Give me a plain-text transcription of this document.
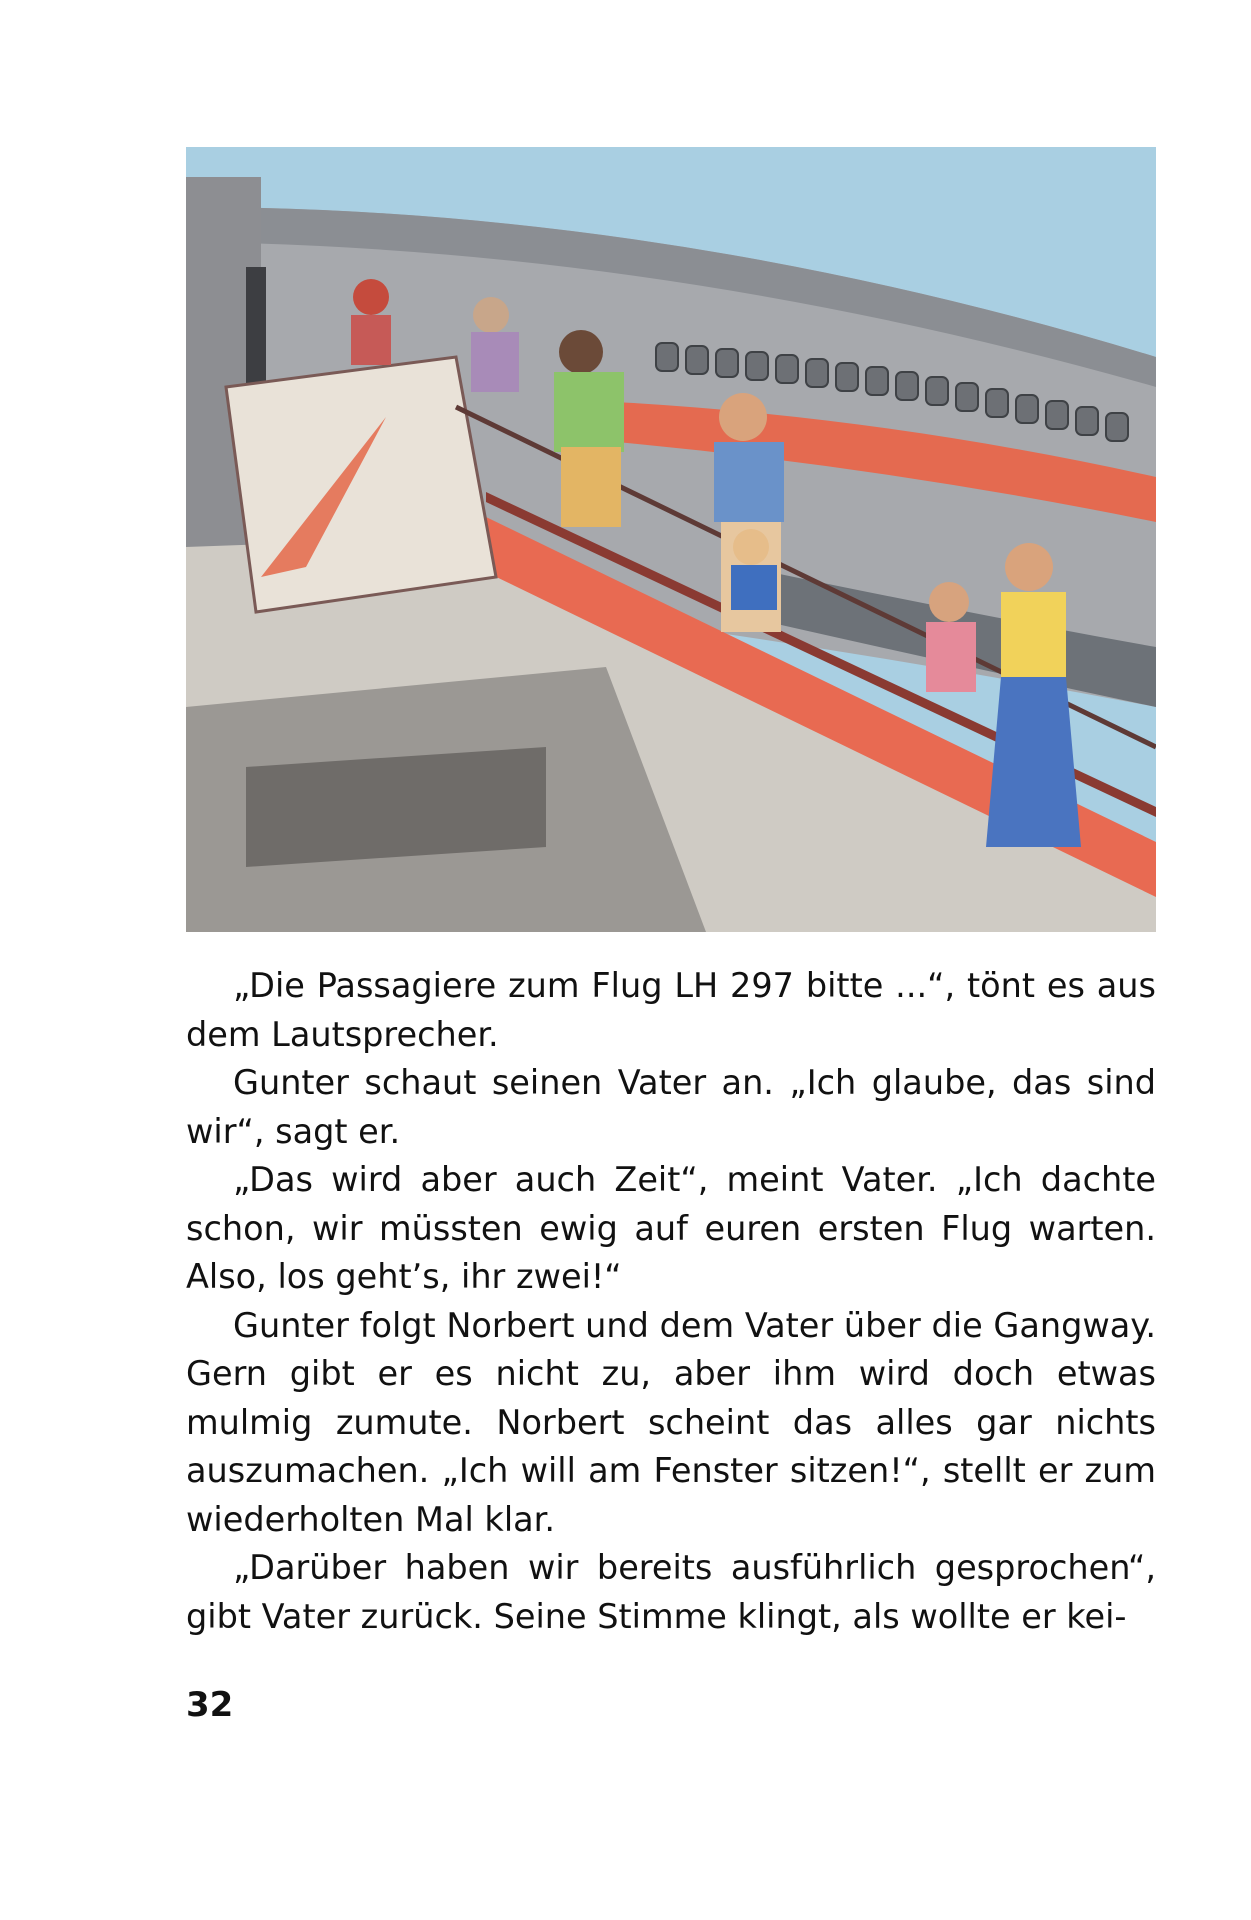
„Die Passagiere zum Flug LH 297 bitte ...“, tönt es aus dem Lautsprecher.

Gunter schaut seinen Vater an. „Ich glaube, das sind wir“, sagt er.

„Das wird aber auch Zeit“, meint Vater. „Ich dachte schon, wir müssten ewig auf euren ersten Flug warten. Also, los geht’s, ihr zwei!“

Gunter folgt Norbert und dem Vater über die Gangway. Gern gibt er es nicht zu, aber ihm wird doch etwas mulmig zumute. Norbert scheint das alles gar nichts auszumachen. „Ich will am Fenster sitzen!“, stellt er zum wiederholten Mal klar.

„Darüber haben wir bereits ausführlich gesprochen“, gibt Vater zurück. Seine Stimme klingt, als wollte er kei-

32
